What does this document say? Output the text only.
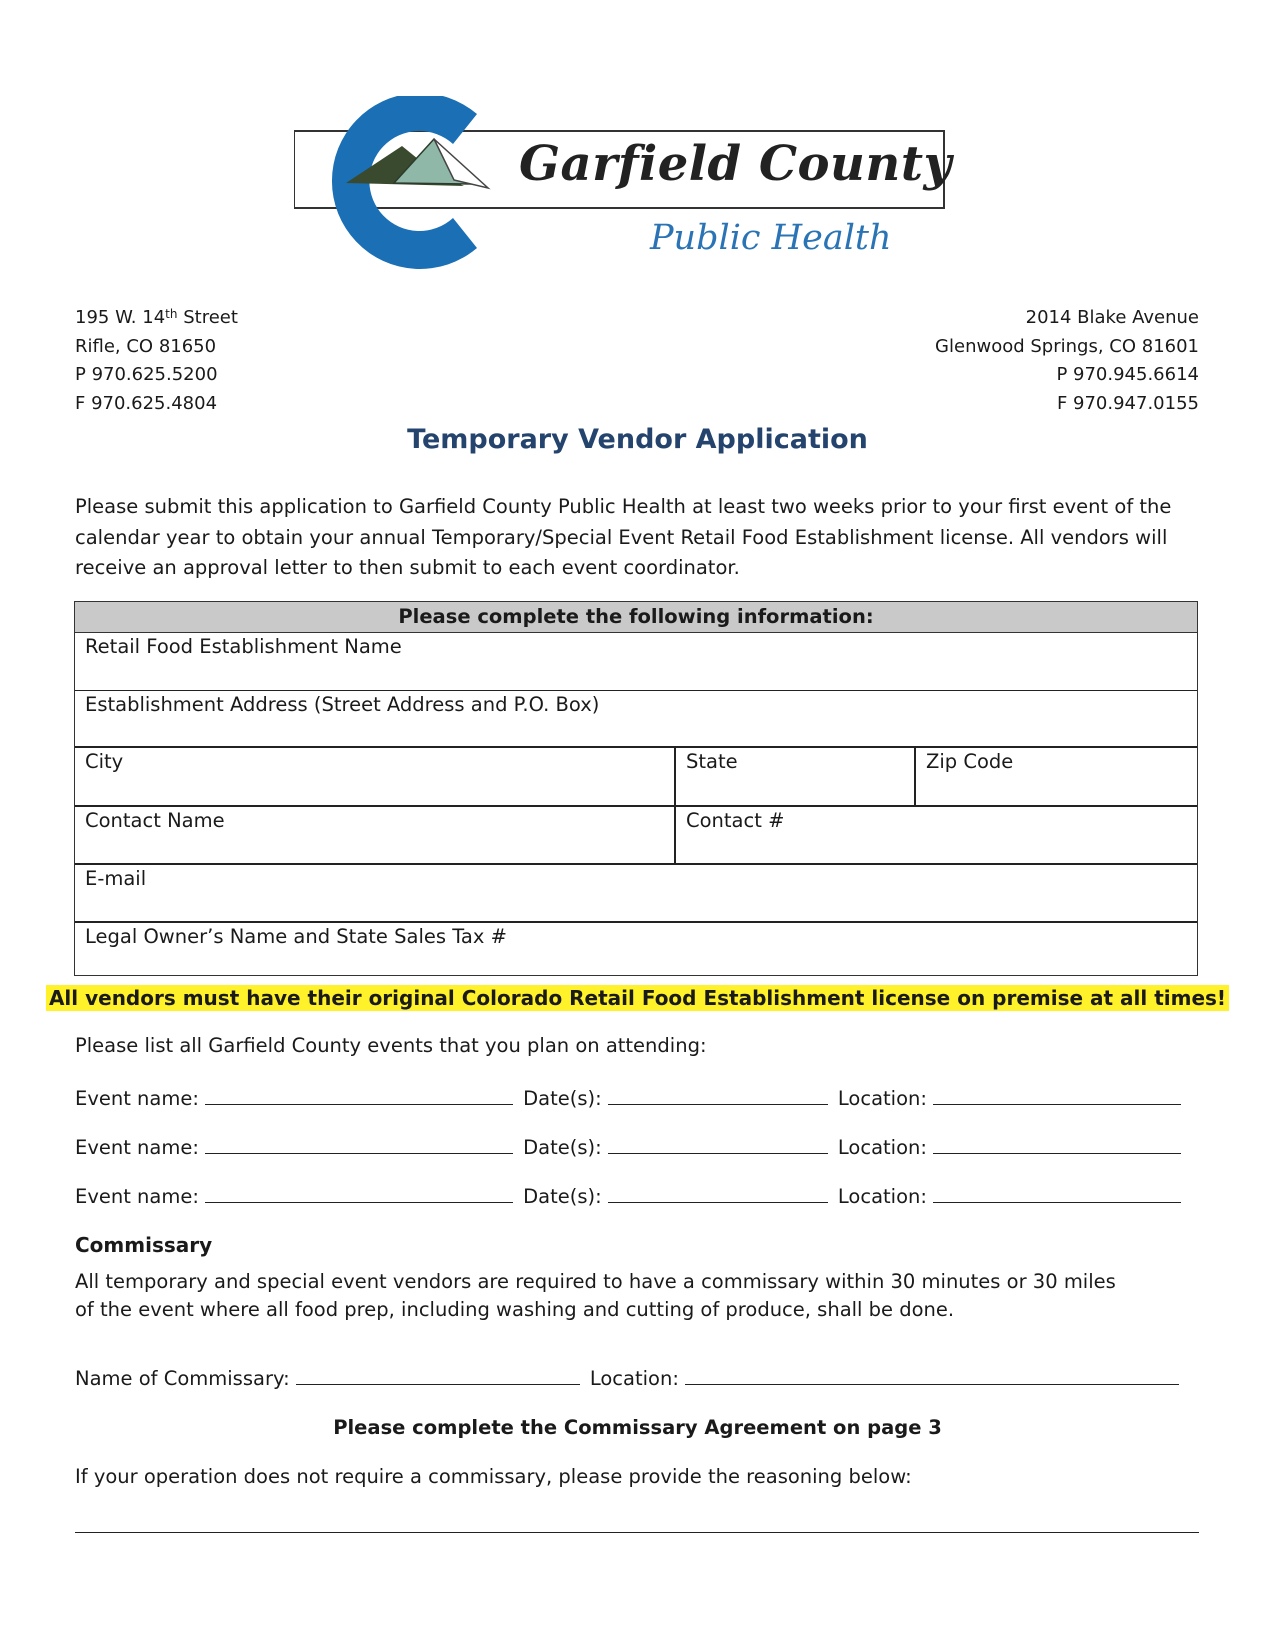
Garfield County
Public Health
195 W. 14th Street
Rifle, CO 81650
P 970.625.5200
F 970.625.4804
2014 Blake Avenue
Glenwood Springs, CO 81601
P 970.945.6614
F 970.947.0155
Temporary Vendor Application
Please submit this application to Garfield County Public Health at least two weeks prior to your first event of the calendar year to obtain your annual Temporary/Special Event Retail Food Establishment license. All vendors will receive an approval letter to then submit to each event coordinator.
Please complete the following information:
Retail Food Establishment Name
Establishment Address (Street Address and P.O. Box)
City	State	Zip Code
Contact Name	Contact #
E-mail
Legal Owner’s Name and State Sales Tax #
All vendors must have their original Colorado Retail Food Establishment license on premise at all times!
Please list all Garfield County events that you plan on attending:
Event name:	Date(s):	Location:
Event name:	Date(s):	Location:
Event name:	Date(s):	Location:
Commissary
All temporary and special event vendors are required to have a commissary within 30 minutes or 30 miles
of the event where all food prep, including washing and cutting of produce, shall be done.
Name of Commissary:	Location:
Please complete the Commissary Agreement on page 3
If your operation does not require a commissary, please provide the reasoning below:
